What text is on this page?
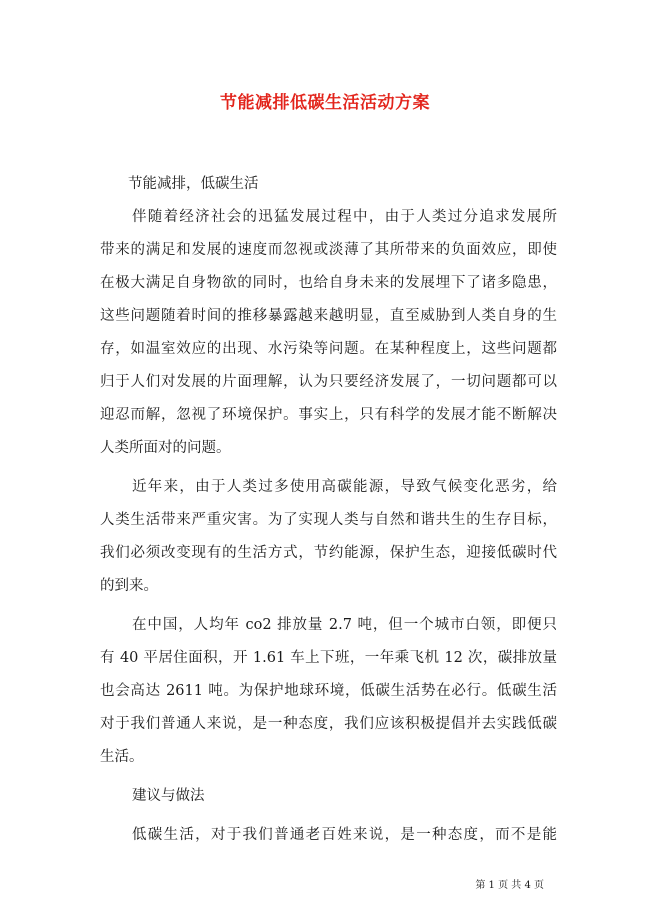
节能减排低碳生活活动方案
节能减排，低碳生活
伴随着经济社会的迅猛发展过程中，由于人类过分追求发展所
带来的满足和发展的速度而忽视或淡薄了其所带来的负面效应，即使
在极大满足自身物欲的同时，也给自身未来的发展埋下了诸多隐患，
这些问题随着时间的推移暴露越来越明显，直至威胁到人类自身的生
存，如温室效应的出现、水污染等问题。在某种程度上，这些问题都
归于人们对发展的片面理解，认为只要经济发展了，一切问题都可以
迎忍而解，忽视了环境保护。事实上，只有科学的发展才能不断解决
人类所面对的问题。
近年来，由于人类过多使用高碳能源，导致气候变化恶劣，给
人类生活带来严重灾害。为了实现人类与自然和谐共生的生存目标，
我们必须改变现有的生活方式，节约能源，保护生态，迎接低碳时代
的到来。
在中国，人均年 co2 排放量 2.7 吨，但一个城市白领，即便只
有 40 平居住面积，开 1.61 车上下班，一年乘飞机 12 次，碳排放量
也会高达 2611 吨。为保护地球环境，低碳生活势在必行。低碳生活
对于我们普通人来说，是一种态度，我们应该积极提倡并去实践低碳
生活。
建议与做法
低碳生活，对于我们普通老百姓来说，是一种态度，而不是能
第 1 页 共 4 页
